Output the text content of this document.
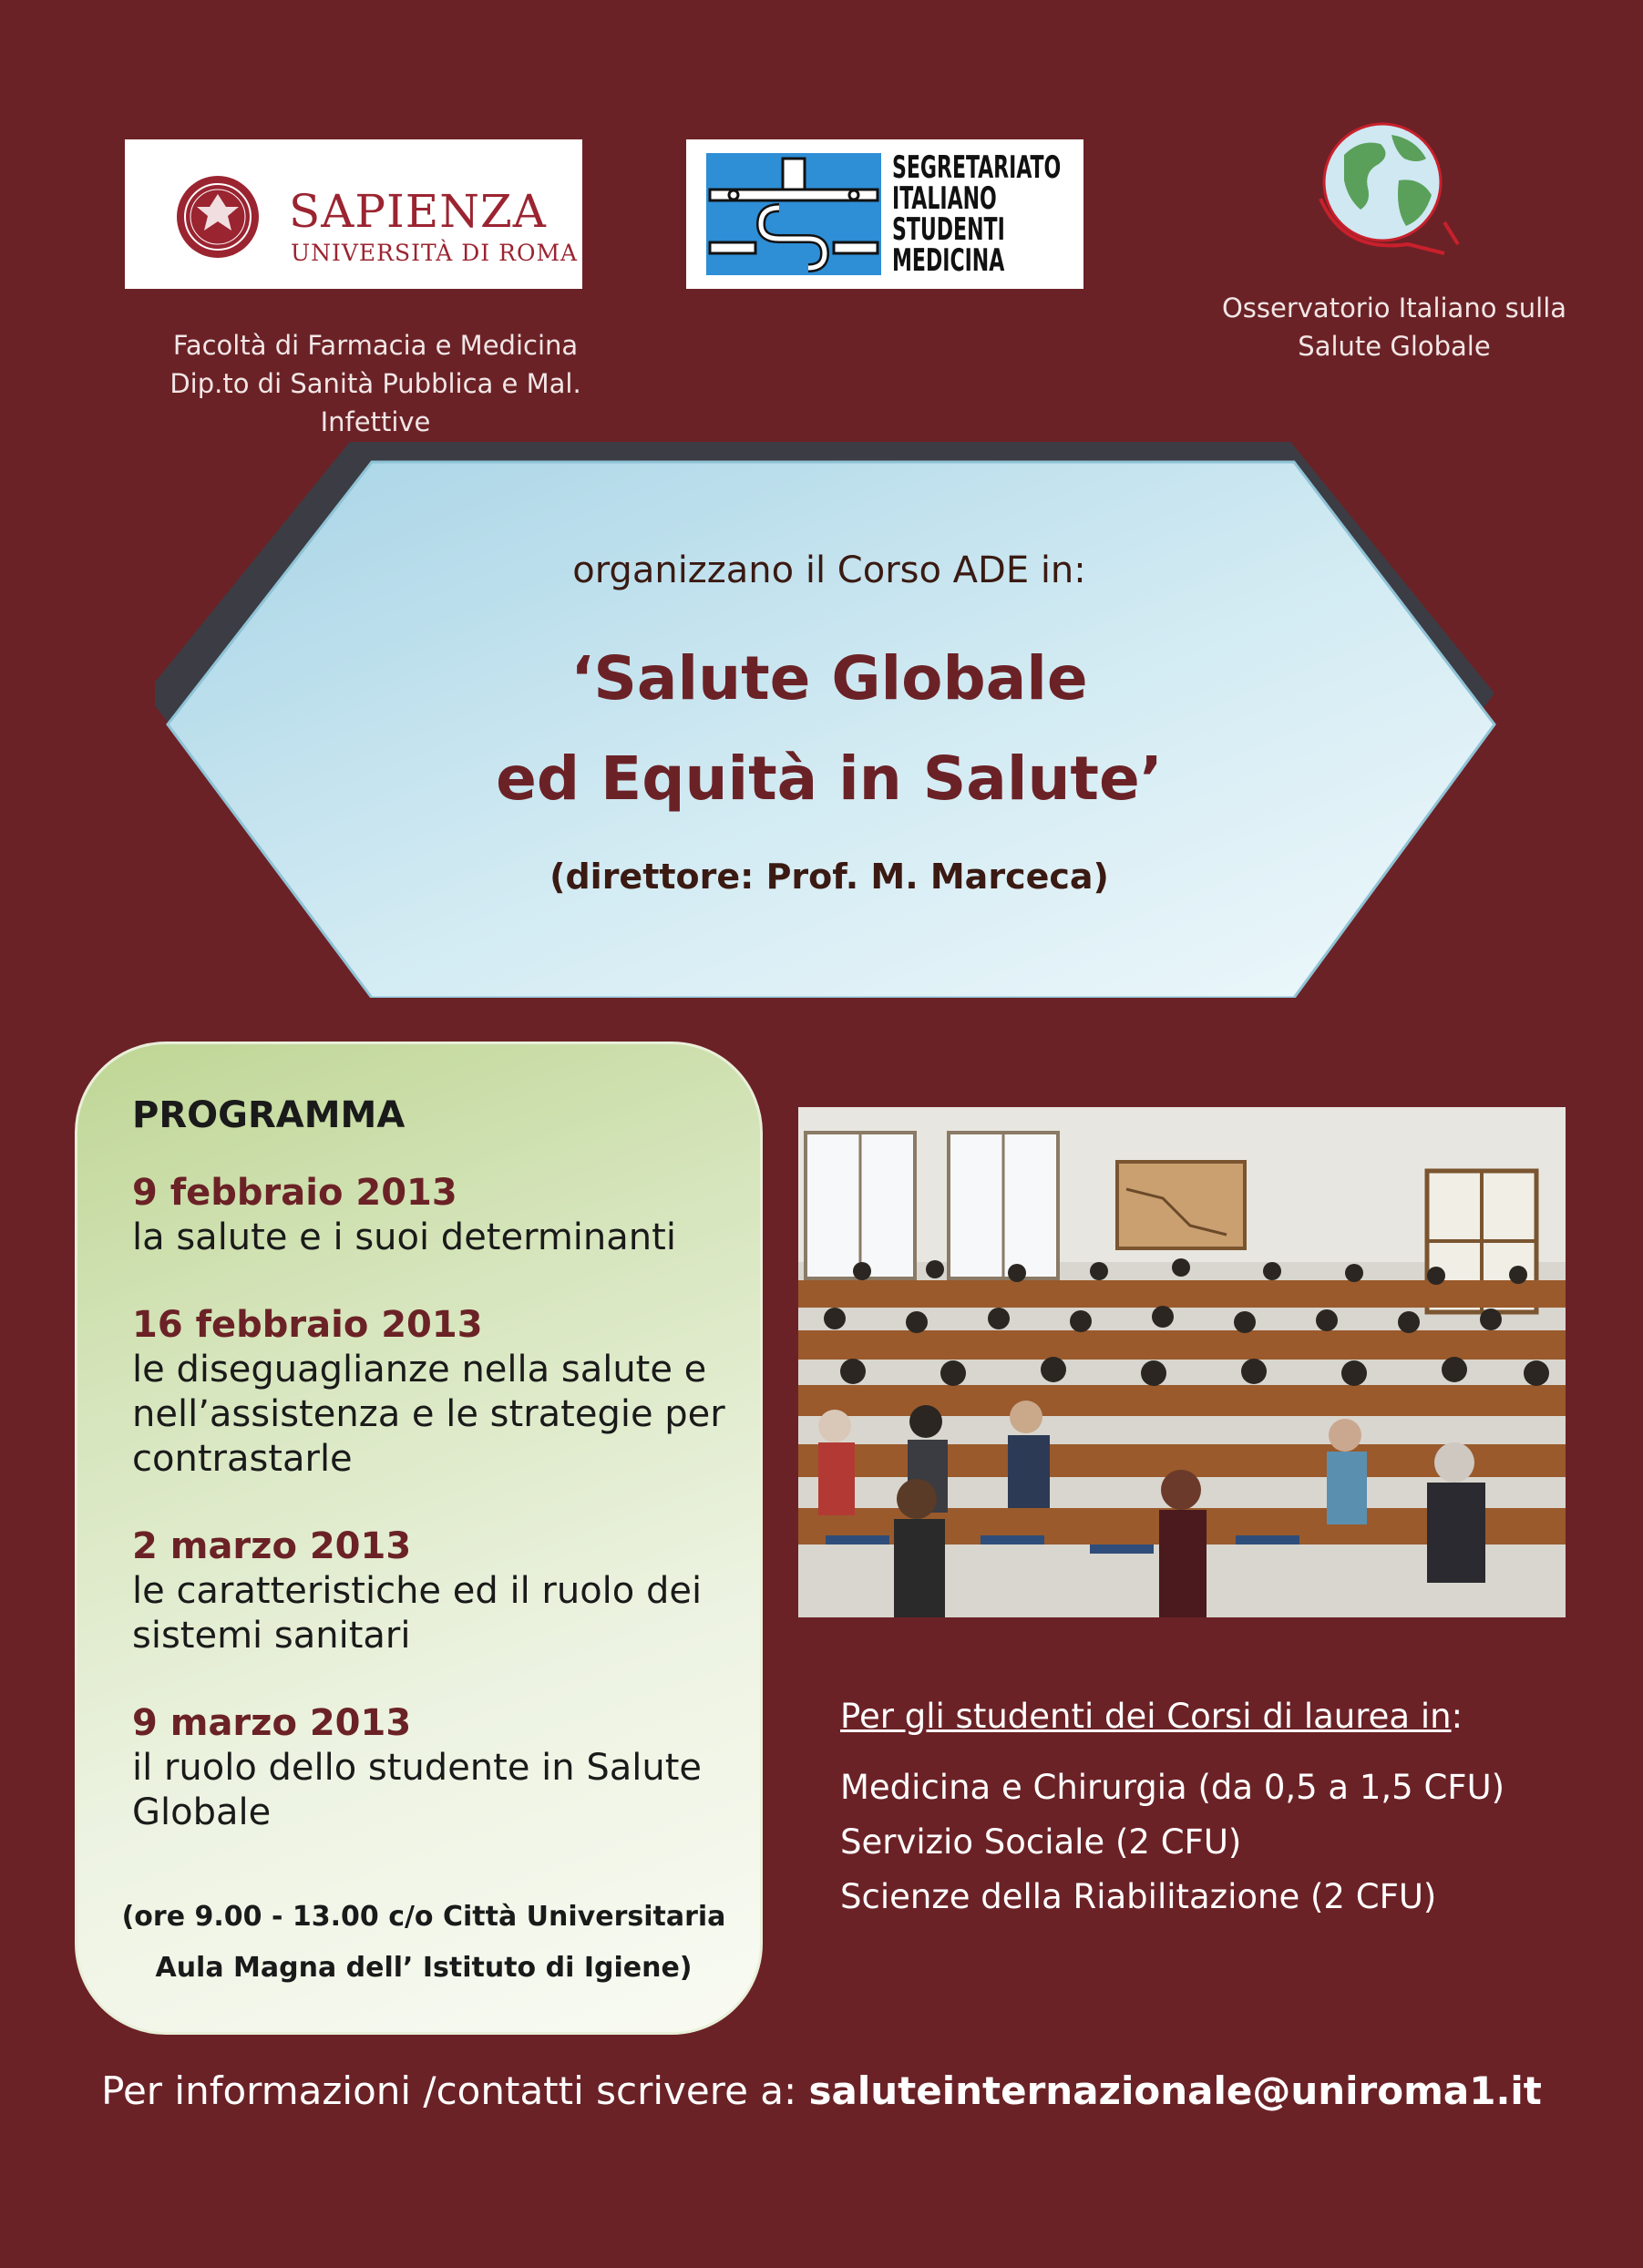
SAPIENZA
UNIVERSITÀ DI ROMA
SEGRETARIATO
ITALIANO
STUDENTI
MEDICINA
Facoltà di Farmacia e Medicina
Dip.to di Sanità Pubblica e Mal. Infettive
Osservatorio Italiano sulla
Salute Globale
organizzano il Corso ADE in:
‘Salute Globale
ed Equità in Salute’
(direttore: Prof. M. Marceca)
PROGRAMMA
9 febbraio 2013
la salute e i suoi determinanti
16 febbraio 2013
le diseguaglianze nella salute e
nell’assistenza e le strategie per
contrastarle
2 marzo 2013
le caratteristiche ed il ruolo dei
sistemi sanitari
9 marzo 2013
il ruolo dello studente in Salute
Globale
(ore 9.00 - 13.00 c/o Città Universitaria
Aula Magna dell’ Istituto di Igiene)
Per gli studenti dei Corsi di laurea in:
Medicina e Chirurgia (da 0,5 a 1,5 CFU)
Servizio Sociale (2 CFU)
Scienze della Riabilitazione (2 CFU)
Per informazioni /contatti scrivere a: saluteinternazionale@uniroma1.it
